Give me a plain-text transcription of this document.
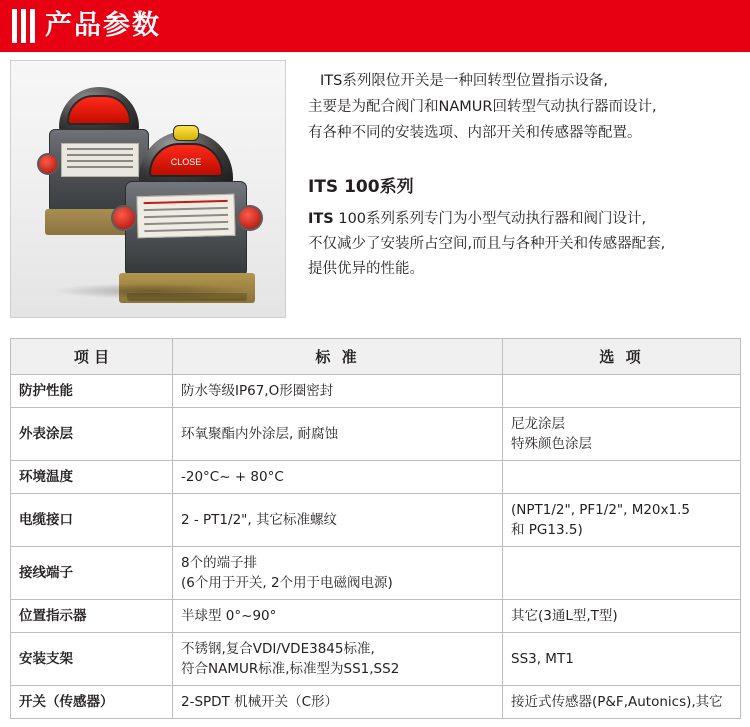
产品参数
CLOSE

ITS系列限位开关是一种回转型位置指示设备,
主要是为配合阀门和NAMUR回转型气动执行器而设计,
有各种不同的安装选项、内部开关和传感器等配置。

ITS 100系列

ITS 100系列系列专门为小型气动执行器和阀门设计,
不仅减少了安装所占空间,而且与各种开关和传感器配套,
提供优异的性能。

项 目	标 准	选 项
防护性能	防水等级IP67,O形圈密封	
外表涂层	环氧聚酯内外涂层, 耐腐蚀	尼龙涂层
特殊颜色涂层

环境温度	-20°C~ + 80°C	
电缆接口	2 - PT1/2", 其它标准螺纹	(NPT1/2", PF1/2", M20x1.5
和 PG13.5)

接线端子	8个的端子排
(6个用于开关, 2个用于电磁阀电源)	

位置指示器	半球型 0°~90°	其它(3通L型,T型)
安装支架	不锈钢,复合VDI/VDE3845标准,
符合NAMUR标准,标准型为SS1,SS2	SS3, MT1
开关（传感器）	2-SPDT 机械开关（C形）	接近式传感器(P&F,Autonics),其它
